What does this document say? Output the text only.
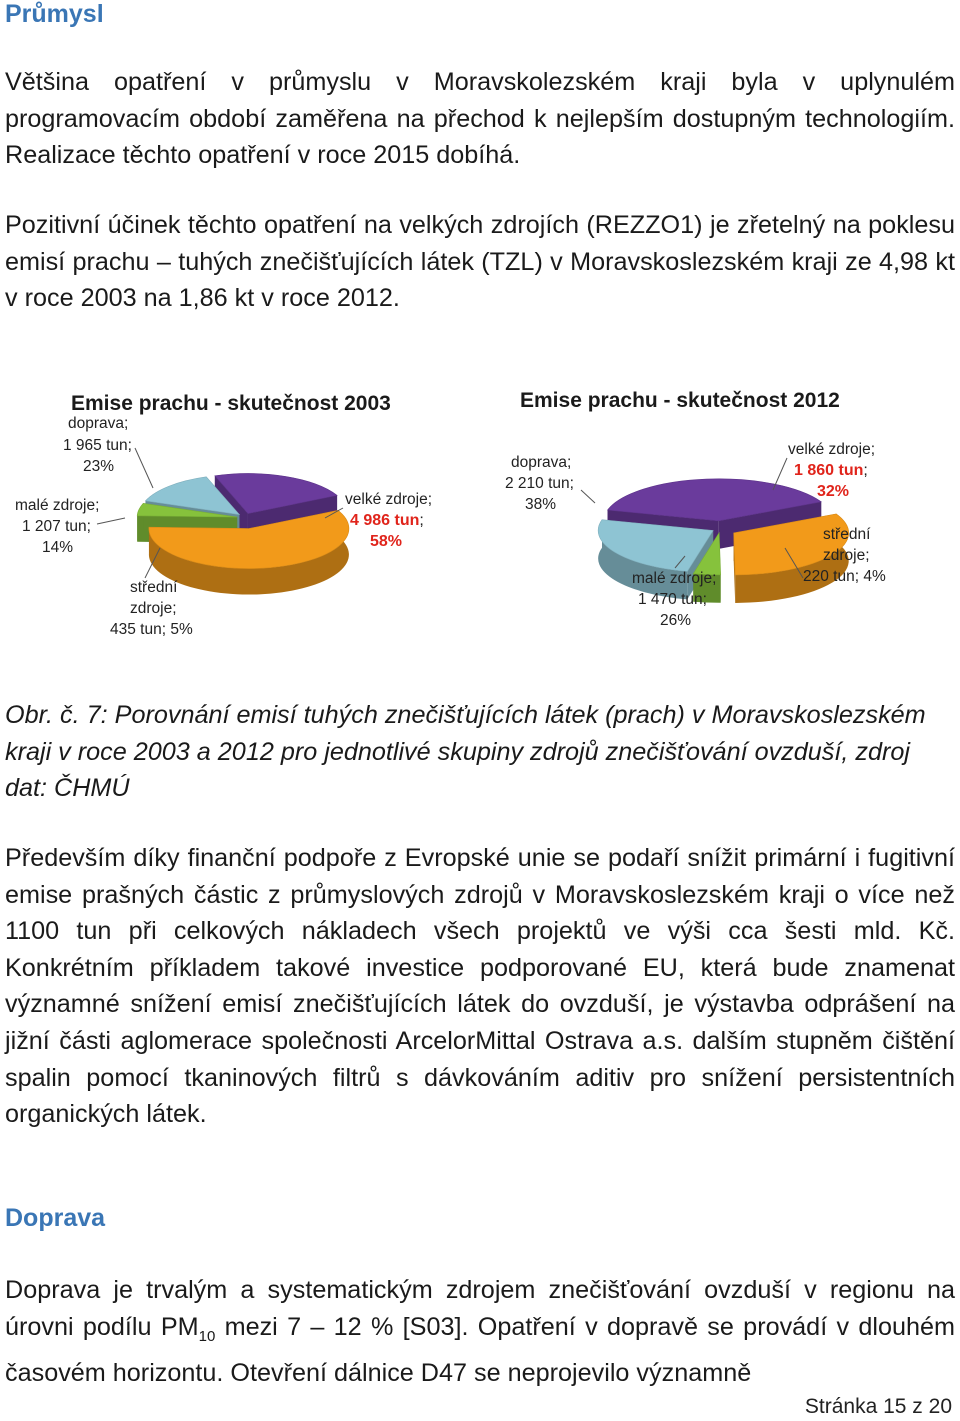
Průmysl

Většina opatření v průmyslu v Moravskolezském kraji byla v uplynulém programovacím období zaměřena na přechod k nejlepším dostupným technologiím. Realizace těchto opatření v roce 2015 dobíhá.

Pozitivní účinek těchto opatření na velkých zdrojích (REZZO1) je zřetelný na poklesu emisí prachu – tuhých znečišťujících látek (TZL) v Moravskoslezském kraji ze 4,98 kt v roce 2003 na 1,86 kt v roce 2012.

Emise prachu - skutečnost 2003
velké zdroje;
4 986 tun;
58%
střední
zdroje;
435 tun; 5%
malé zdroje;
1 207 tun;
14%
doprava;
1 965 tun;
23%
Emise prachu - skutečnost 2012
velké zdroje;
1 860 tun;
32%
střední
zdroje;
220 tun; 4%
malé zdroje;
1 470 tun;
26%
doprava;
2 210 tun;
38%

Obr. č. 7: Porovnání emisí tuhých znečišťujících látek (prach) v Moravskoslezském kraji v roce 2003 a 2012 pro jednotlivé skupiny zdrojů znečišťování ovzduší, zdroj dat: ČHMÚ

Především díky finanční podpoře z Evropské unie se podaří snížit primární i fugitivní emise prašných částic z průmyslových zdrojů v Moravskoslezském kraji o více než 1100 tun při celkových nákladech všech projektů ve výši cca šesti mld. Kč. Konkrétním příkladem takové investice podporované EU, která bude znamenat významné snížení emisí znečišťujících látek do ovzduší, je výstavba odprášení na jižní části aglomerace společnosti ArcelorMittal Ostrava a.s. dalším stupněm čištění spalin pomocí tkaninových filtrů s dávkováním aditiv pro snížení persistentních organických látek.

Doprava

Doprava je trvalým a systematickým zdrojem znečišťování ovzduší v regionu na úrovni podílu $PM_{10}$ mezi 7 – 12 % [S03]. Opatření v dopravě se provádí v dlouhém časovém horizontu. Otevření dálnice D47 se neprojevilo významně

Stránka 15 z 20
